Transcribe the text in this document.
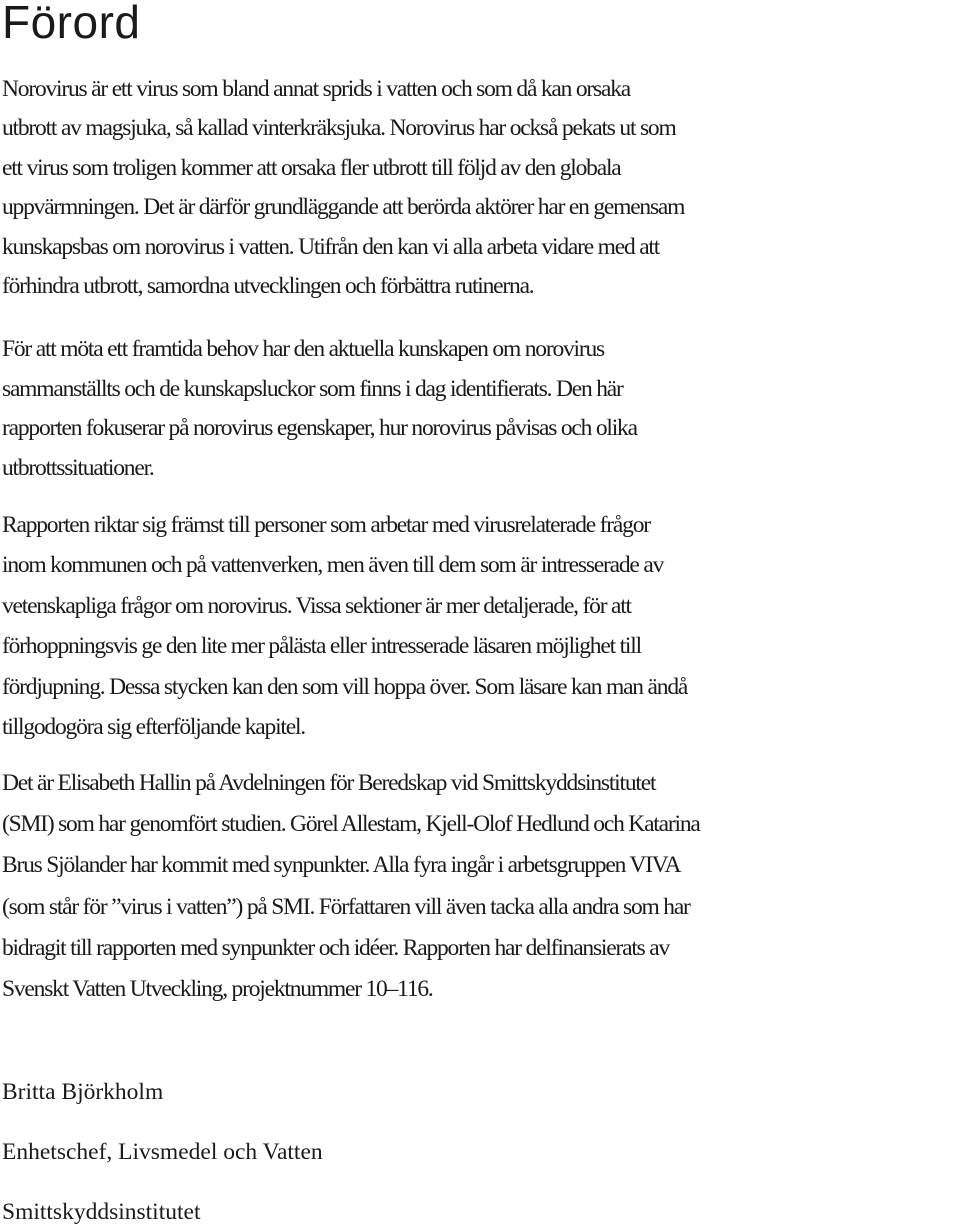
Förord

Norovirus är ett virus som bland annat sprids i vatten och som då kan orsaka
utbrott av magsjuka, så kallad vinterkräksjuka. Norovirus har också pekats ut som
ett virus som troligen kommer att orsaka fler utbrott till följd av den globala
uppvärmningen. Det är därför grundläggande att berörda aktörer har en gemensam
kunskapsbas om norovirus i vatten. Utifrån den kan vi alla arbeta vidare med att
förhindra utbrott, samordna utvecklingen och förbättra rutinerna.

För att möta ett framtida behov har den aktuella kunskapen om norovirus
sammanställts och de kunskapsluckor som finns i dag identifierats. Den här
rapporten fokuserar på norovirus egenskaper, hur norovirus påvisas och olika
utbrottssituationer.

Rapporten riktar sig främst till personer som arbetar med virusrelaterade frågor
inom kommunen och på vattenverken, men även till dem som är intresserade av
vetenskapliga frågor om norovirus. Vissa sektioner är mer detaljerade, för att
förhoppningsvis ge den lite mer pålästa eller intresserade läsaren möjlighet till
fördjupning. Dessa stycken kan den som vill hoppa över. Som läsare kan man ändå
tillgodogöra sig efterföljande kapitel.

Det är Elisabeth Hallin på Avdelningen för Beredskap vid Smittskyddsinstitutet
(SMI) som har genomfört studien. Görel Allestam, Kjell-Olof Hedlund och Katarina
Brus Sjölander har kommit med synpunkter. Alla fyra ingår i arbetsgruppen VIVA
(som står för ”virus i vatten”) på SMI. Författaren vill även tacka alla andra som har
bidragit till rapporten med synpunkter och idéer. Rapporten har delfinansierats av
Svenskt Vatten Utveckling, projektnummer 10–116.

Britta Björkholm

Enhetschef, Livsmedel och Vatten

Smittskyddsinstitutet
